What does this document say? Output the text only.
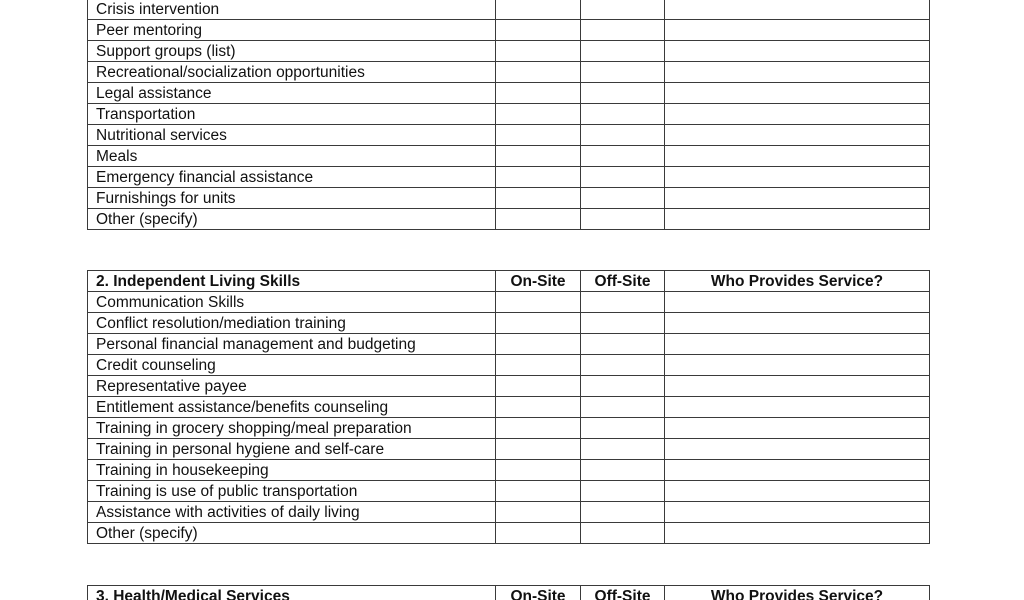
Crisis intervention			
Peer mentoring			
Support groups (list)			
Recreational/socialization opportunities			
Legal assistance			
Transportation			
Nutritional services			
Meals			
Emergency financial assistance			
Furnishings for units			
Other (specify)			
2. Independent Living Skills	On-Site	Off-Site	Who Provides Service?
Communication Skills			
Conflict resolution/mediation training			
Personal financial management and budgeting			
Credit counseling			
Representative payee			
Entitlement assistance/benefits counseling			
Training in grocery shopping/meal preparation			
Training in personal hygiene and self-care			
Training in housekeeping			
Training is use of public transportation			
Assistance with activities of daily living			
Other (specify)			
3. Health/Medical Services	On-Site	Off-Site	Who Provides Service?
